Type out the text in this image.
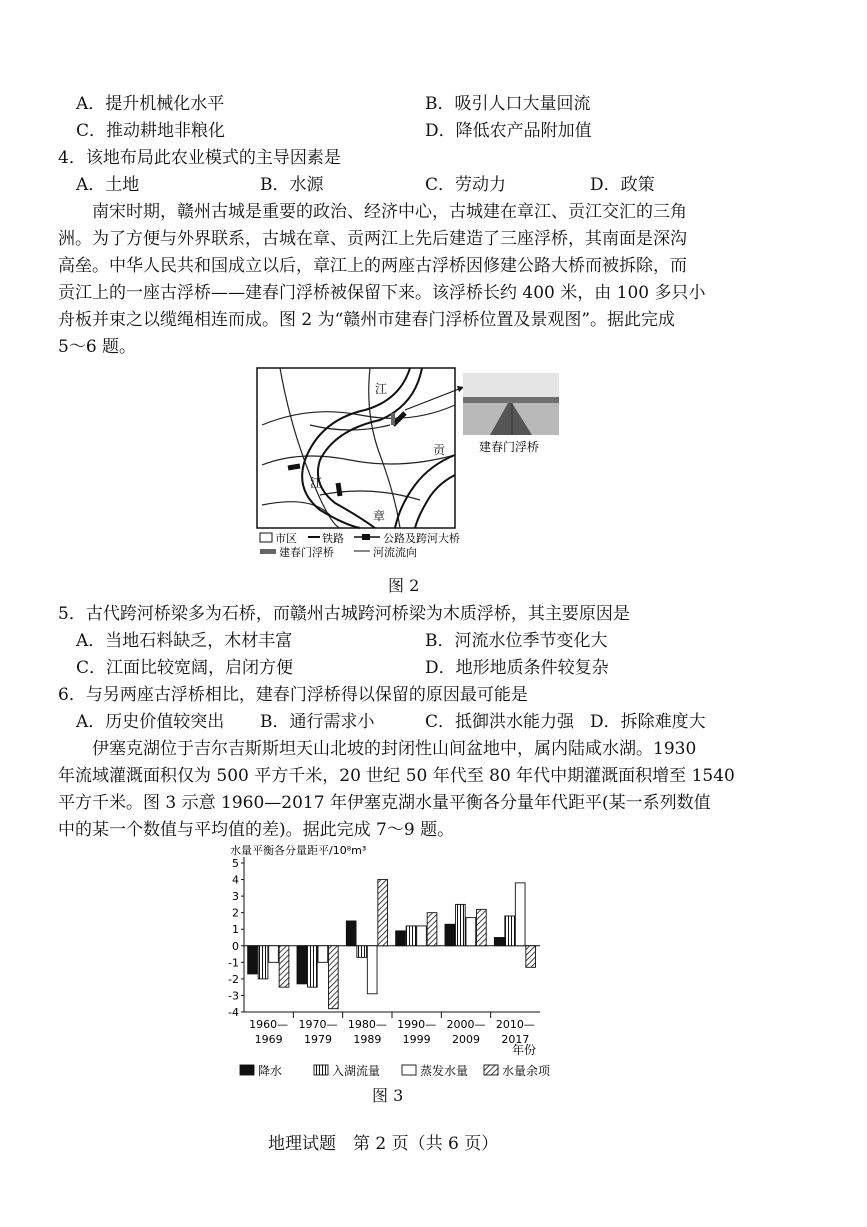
A．提升机械化水平	B．吸引人口大量回流
C．推动耕地非粮化	D．降低农产品附加值
4．该地布局此农业模式的主导因素是
A．土地	B．水源	C．劳动力	D．政策
南宋时期，赣州古城是重要的政治、经济中心，古城建在章江、贡江交汇的三角
洲。为了方便与外界联系，古城在章、贡两江上先后建造了三座浮桥，其南面是深沟
高垒。中华人民共和国成立以后，章江上的两座古浮桥因修建公路大桥而被拆除，而
贡江上的一座古浮桥——建春门浮桥被保留下来。该浮桥长约 400 米，由 100 多只小
舟板并束之以缆绳相连而成。图 2 为“赣州市建春门浮桥位置及景观图”。据此完成
5～6 题。
江
贡
江
章
建春门浮桥
市区 铁路	公路及跨河大桥
建春门浮桥	河流流向
图 2
5．古代跨河桥梁多为石桥，而赣州古城跨河桥梁为木质浮桥，其主要原因是
A．当地石料缺乏，木材丰富	B．河流水位季节变化大
C．江面比较宽阔，启闭方便	D．地形地质条件较复杂
6．与另两座古浮桥相比，建春门浮桥得以保留的原因最可能是
A．历史价值较突出 B．通行需求小	C．抵御洪水能力强 D．拆除难度大
伊塞克湖位于吉尔吉斯斯坦天山北坡的封闭性山间盆地中，属内陆咸水湖。1930
年流域灌溉面积仅为 500 平方千米，20 世纪 50 年代至 80 年代中期灌溉面积增至 1540
平方千米。图 3 示意 1960—2017 年伊塞克湖水量平衡各分量年代距平(某一系列数值
中的某一个数值与平均值的差)。据此完成 7～9 题。
水量平衡各分量距平/10⁸m³
5
4
3
2
1
0
-1
-2
-3
-4
1960—
1969
1970—
1979
1980—
1989
1990—
1999
2000—
2009
2010—
2017
年份
降水	入湖流量	蒸发水量	水量余项
图 3
地理试题　第 2 页（共 6 页）
